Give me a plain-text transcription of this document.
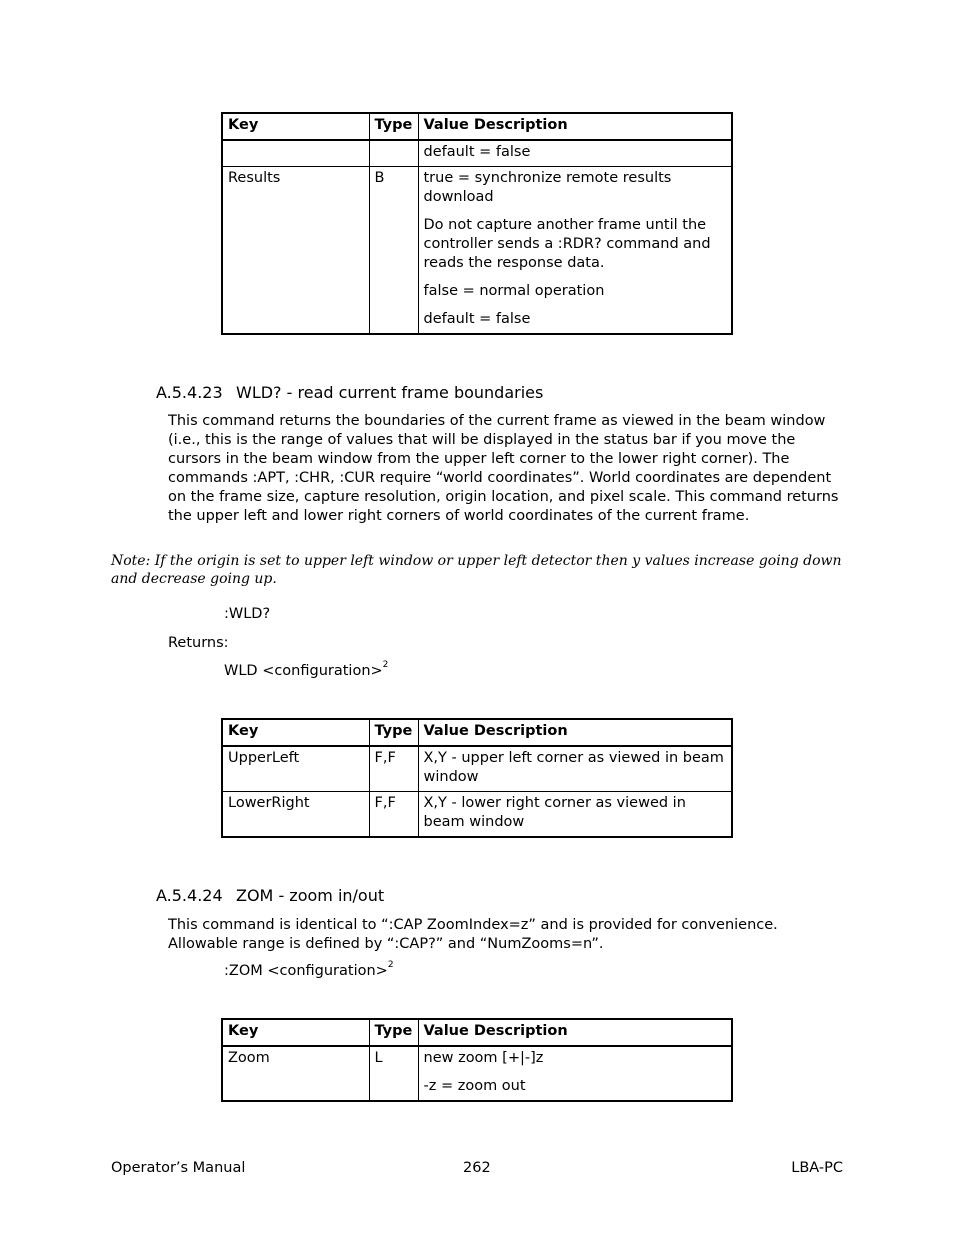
Key	Type	Value Description

		default = false

Results	B	true = synchronize remote results download

Do not capture another frame until the controller sends a :RDR? command and reads the response data.

false = normal operation

default = false

A.5.4.23 WLD? - read current frame boundaries

This command returns the boundaries of the current frame as viewed in the beam window (i.e., this is the range of values that will be displayed in the status bar if you move the cursors in the beam window from the upper left corner to the lower right corner). The commands :APT, :CHR, :CUR require “world coordinates”. World coordinates are dependent on the frame size, capture resolution, origin location, and pixel scale. This command returns the upper left and lower right corners of world coordinates of the current frame.

Note: If the origin is set to upper left window or upper left detector then y values increase going down and decrease going up.

:WLD?
Returns:
WLD <configuration>$^2$
Key	Type	Value Description
UpperLeft	F,F	X,Y - upper left corner as viewed in beam window

LowerRight	F,F	X,Y - lower right corner as viewed in beam window

A.5.4.24 ZOM - zoom in/out

This command is identical to “:CAP ZoomIndex=z” and is provided for convenience. Allowable range is defined by “:CAP?” and “NumZooms=n”.

:ZOM <configuration>$^2$
Key	Type	Value Description
Zoom	L	new zoom [+|-]z

-z = zoom out

Operator’s Manual	262	LBA-PC
